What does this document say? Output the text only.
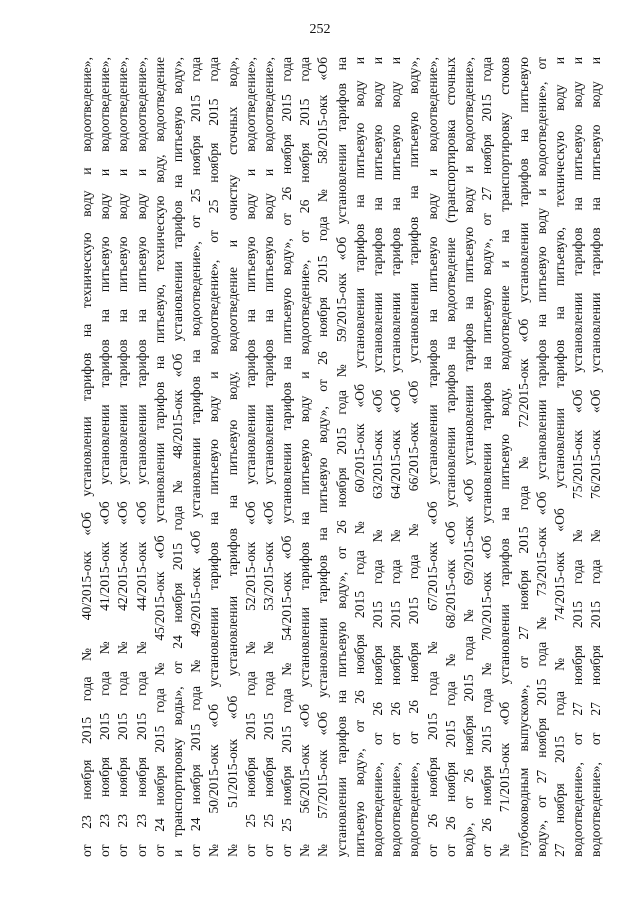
252
от 23 ноября 2015 года № 40/2015-окк «Об установлении тарифов на техническую воду и водоотведение», от 23 ноября 2015 года № 41/2015-окк «Об установлении тарифов на питьевую воду и водоотведение», от 23 ноября 2015 года № 42/2015-окк «Об установлении тарифов на питьевую воду и водоотведение», от 23 ноября 2015 года № 44/2015-окк «Об установлении тарифов на питьевую воду и водоотведение», от 24 ноября 2015 года № 45/2015-окк «Об установлении тарифов на питьевую, техническую воду, водоотведение и транспортировку воды», от 24 ноября 2015 года № 48/2015-окк «Об установлении тарифов на питьевую воду», от 24 ноября 2015 года № 49/2015-окк «Об установлении тарифов на водоотведение», от 25 ноября 2015 года № 50/2015-окк «Об установлении тарифов на питьевую воду и водоотведение», от 25 ноября 2015 года № 51/2015-окк «Об установлении тарифов на питьевую воду, водоотведение и очистку сточных вод», от 25 ноября 2015 года № 52/2015-окк «Об установлении тарифов на питьевую воду и водоотведение», от 25 ноября 2015 года № 53/2015-окк «Об установлении тарифов на питьевую воду и водоотведение», от 25 ноября 2015 года № 54/2015-окк «Об установлении тарифов на питьевую воду», от 26 ноября 2015 года № 56/2015-окк «Об установлении тарифов на питьевую воду и водоотведение», от 26 ноября 2015 года № 57/2015-окк «Об установлении тарифов на питьевую воду», от 26 ноября 2015 года № 58/2015-окк «Об установлении тарифов на питьевую воду», от 26 ноября 2015 года № 59/2015-окк «Об установлении тарифов на питьевую воду», от 26 ноября 2015 года № 60/2015-окк «Об установлении тарифов на питьевую воду и водоотведение», от 26 ноября 2015 года № 63/2015-окк «Об установлении тарифов на питьевую воду и водоотведение», от 26 ноября 2015 года № 64/2015-окк «Об установлении тарифов на питьевую воду и водоотведение», от 26 ноября 2015 года № 66/2015-окк «Об установлении тарифов на питьевую воду», от 26 ноября 2015 года № 67/2015-окк «Об установлении тарифов на питьевую воду и водоотведение», от 26 ноября 2015 года № 68/2015-окк «Об установлении тарифов на водоотведение (транспортировка сточных вод)», от 26 ноября 2015 года № 69/2015-окк «Об установлении тарифов на питьевую воду и водоотведение», от 26 ноября 2015 года № 70/2015-окк «Об установлении тарифов на питьевую воду», от 27 ноября 2015 года № 71/2015-окк «Об установлении тарифов на питьевую воду, водоотведение и на транспортировку стоков глубоководным выпуском», от 27 ноября 2015 года № 72/2015-окк «Об установлении тарифов на питьевую воду», от 27 ноября 2015 года № 73/2015-окк «Об установлении тарифов на питьевую воду и водоотведение», от 27 ноября 2015 года № 74/2015-окк «Об установлении тарифов на питьевую, техническую воду и водоотведение», от 27 ноября 2015 года № 75/2015-окк «Об установлении тарифов на питьевую воду и водоотведение», от 27 ноября 2015 года № 76/2015-окк «Об установлении тарифов на питьевую воду и
